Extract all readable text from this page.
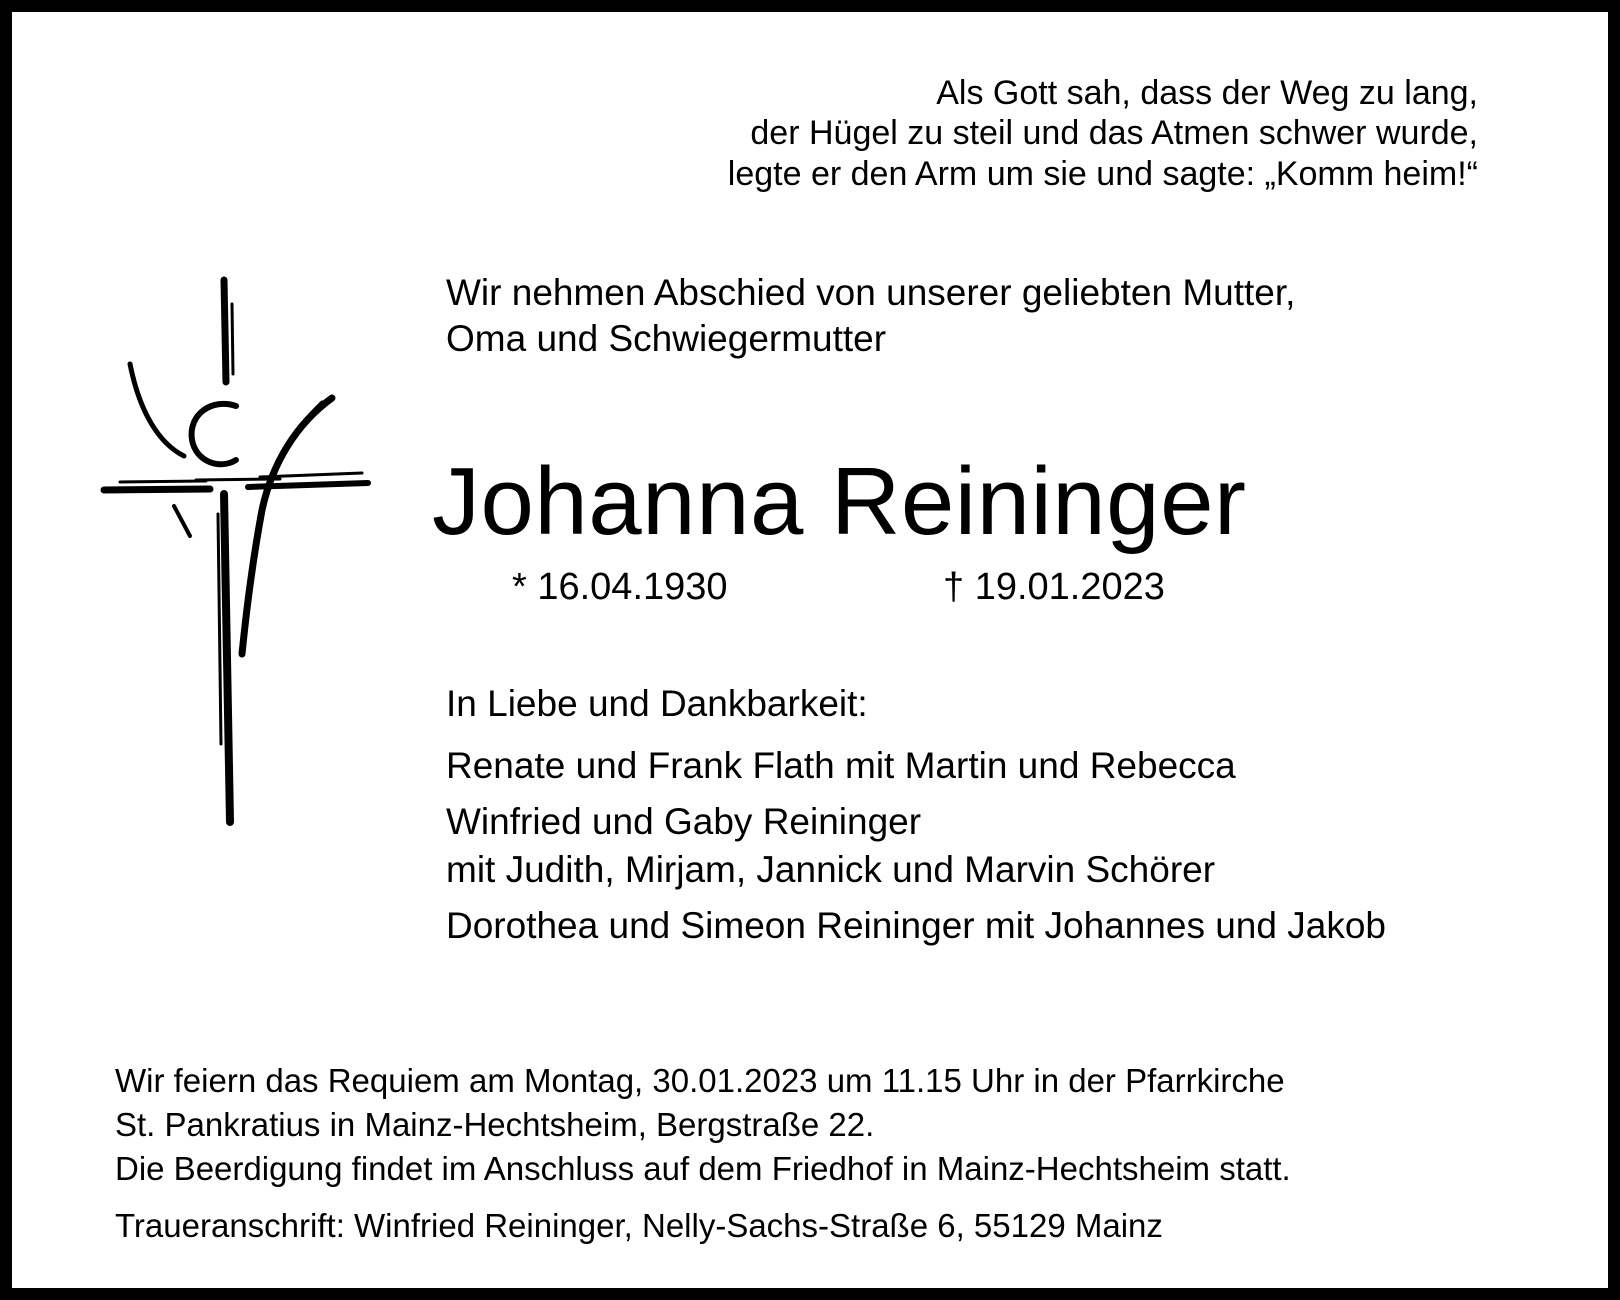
Als Gott sah, dass der Weg zu lang,
der Hügel zu steil und das Atmen schwer wurde,
legte er den Arm um sie und sagte: „Komm heim!“
Wir nehmen Abschied von unserer geliebten Mutter,
Oma und Schwiegermutter
Johanna Reininger
* 16.04.1930	† 19.01.2023
In Liebe und Dankbarkeit:
Renate und Frank Flath mit Martin und Rebecca
Winfried und Gaby Reininger
mit Judith, Mirjam, Jannick und Marvin Schörer
Dorothea und Simeon Reininger mit Johannes und Jakob
Wir feiern das Requiem am Montag, 30.01.2023 um 11.15 Uhr in der Pfarrkirche
St. Pankratius in Mainz-Hechtsheim, Bergstraße 22.
Die Beerdigung findet im Anschluss auf dem Friedhof in Mainz-Hechtsheim statt.
Traueranschrift: Winfried Reininger, Nelly-Sachs-Straße 6, 55129 Mainz
